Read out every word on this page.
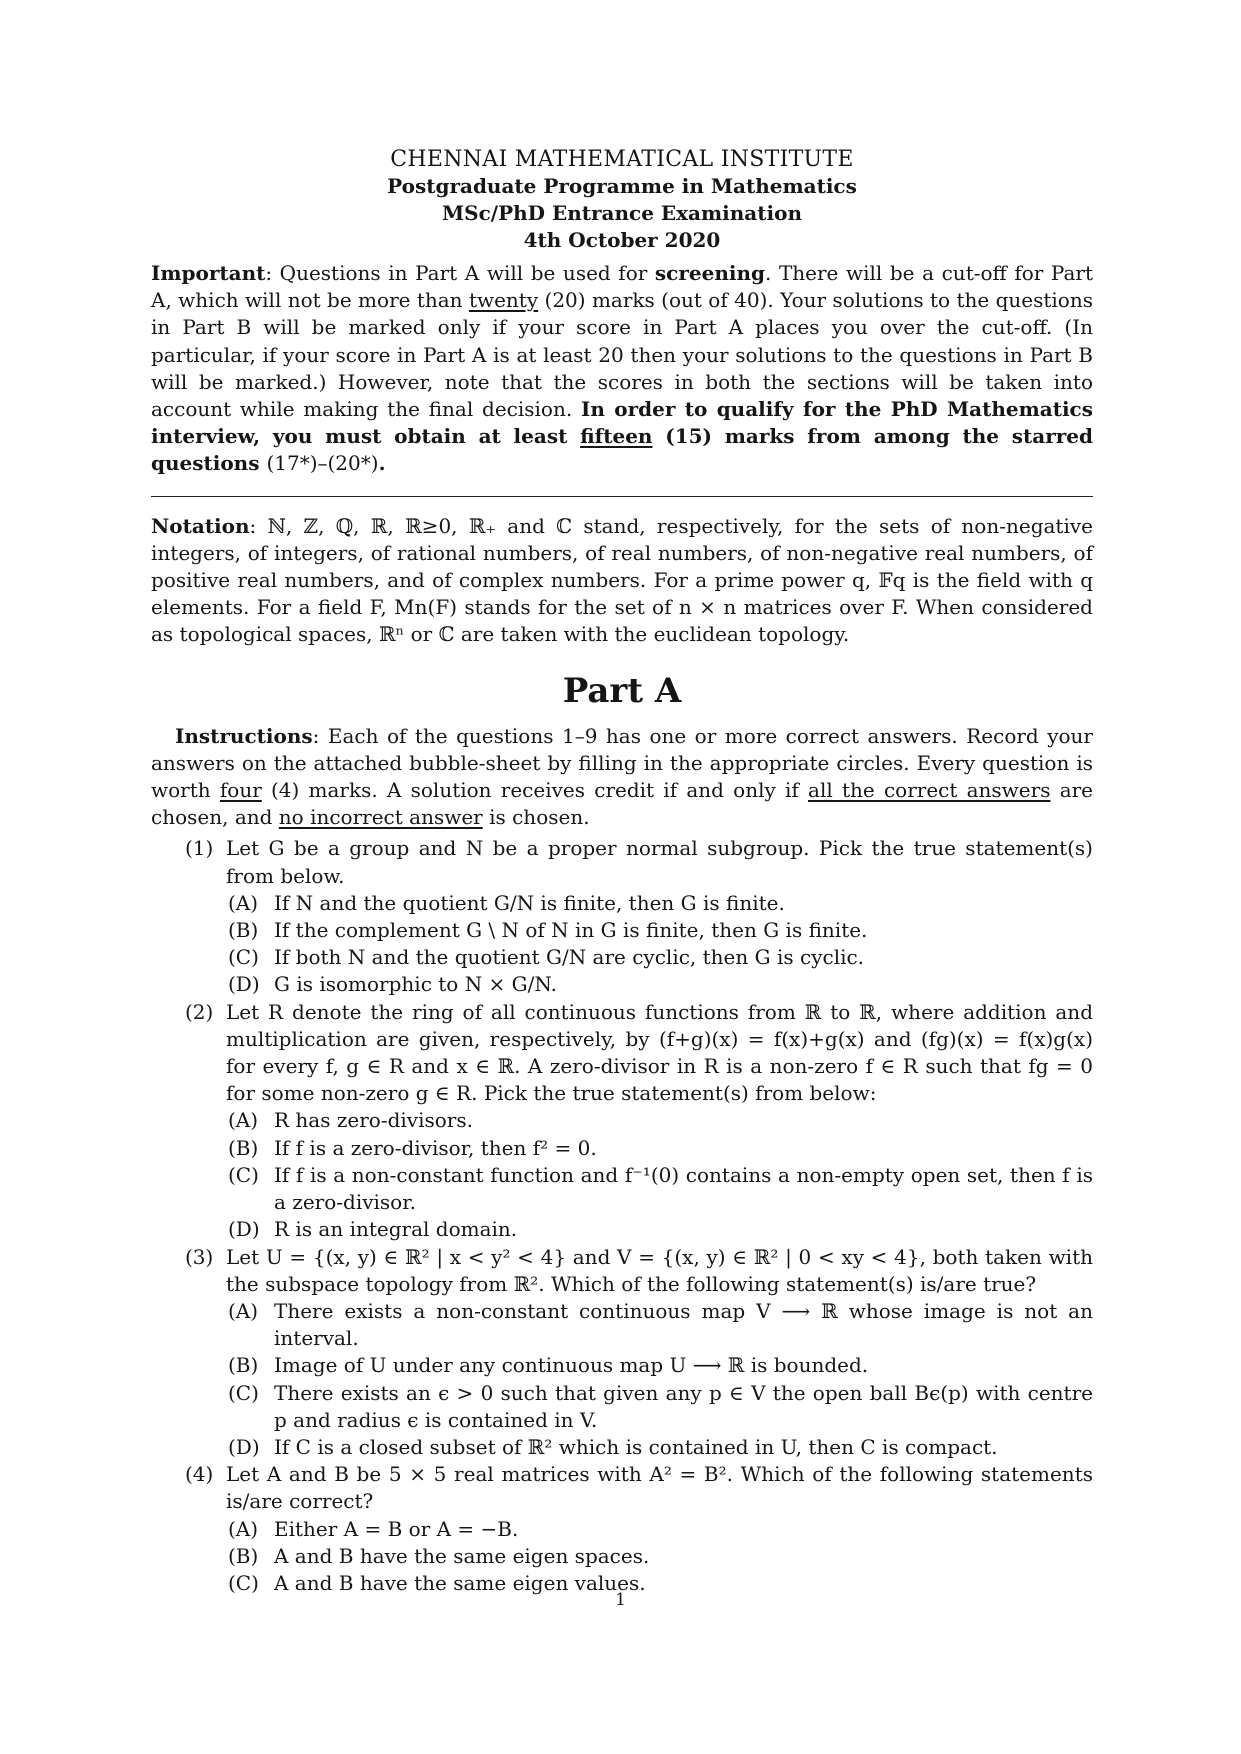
CHENNAI MATHEMATICAL INSTITUTE
Postgraduate Programme in Mathematics
MSc/PhD Entrance Examination
4th October 2020

Important: Questions in Part A will be used for screening. There will be a cut-off for Part A, which will not be more than twenty (20) marks (out of 40). Your solutions to the questions in Part B will be marked only if your score in Part A places you over the cut-off. (In particular, if your score in Part A is at least 20 then your solutions to the questions in Part B will be marked.) However, note that the scores in both the sections will be taken into account while making the final decision. In order to qualify for the PhD Mathematics interview, you must obtain at least fifteen (15) marks from among the starred questions (17*)–(20*).

Notation: ℕ, ℤ, ℚ, ℝ, ℝ≥0, ℝ₊ and ℂ stand, respectively, for the sets of non-negative integers, of integers, of rational numbers, of real numbers, of non-negative real numbers, of positive real numbers, and of complex numbers. For a prime power q, 𝔽q is the field with q elements. For a field F, Mn(F) stands for the set of n × n matrices over F. When considered as topological spaces, ℝⁿ or ℂ are taken with the euclidean topology.

Part A

Instructions: Each of the questions 1–9 has one or more correct answers. Record your answers on the attached bubble-sheet by filling in the appropriate circles. Every question is worth four (4) marks. A solution receives credit if and only if all the correct answers are chosen, and no incorrect answer is chosen.

(1) Let G be a group and N be a proper normal subgroup. Pick the true statement(s) from below.
(A) If N and the quotient G/N is finite, then G is finite.
(B) If the complement G \ N of N in G is finite, then G is finite.
(C) If both N and the quotient G/N are cyclic, then G is cyclic.
(D) G is isomorphic to N × G/N.
(2) Let R denote the ring of all continuous functions from ℝ to ℝ, where addition and multiplication are given, respectively, by (f+g)(x) = f(x)+g(x) and (fg)(x) = f(x)g(x) for every f, g ∈ R and x ∈ ℝ. A zero-divisor in R is a non-zero f ∈ R such that fg = 0 for some non-zero g ∈ R. Pick the true statement(s) from below:
(A) R has zero-divisors.
(B) If f is a zero-divisor, then f² = 0.
(C) If f is a non-constant function and f⁻¹(0) contains a non-empty open set, then f is a zero-divisor.
(D) R is an integral domain.
(3) Let U = {(x, y) ∈ ℝ² | x < y² < 4} and V = {(x, y) ∈ ℝ² | 0 < xy < 4}, both taken with the subspace topology from ℝ². Which of the following statement(s) is/are true?
(A) There exists a non-constant continuous map V ⟶ ℝ whose image is not an interval.
(B) Image of U under any continuous map U ⟶ ℝ is bounded.
(C) There exists an ϵ > 0 such that given any p ∈ V the open ball Bϵ(p) with centre p and radius ϵ is contained in V.
(D) If C is a closed subset of ℝ² which is contained in U, then C is compact.
(4) Let A and B be 5 × 5 real matrices with A² = B². Which of the following statements is/are correct?
(A) Either A = B or A = −B.
(B) A and B have the same eigen spaces.
(C) A and B have the same eigen values.
1
